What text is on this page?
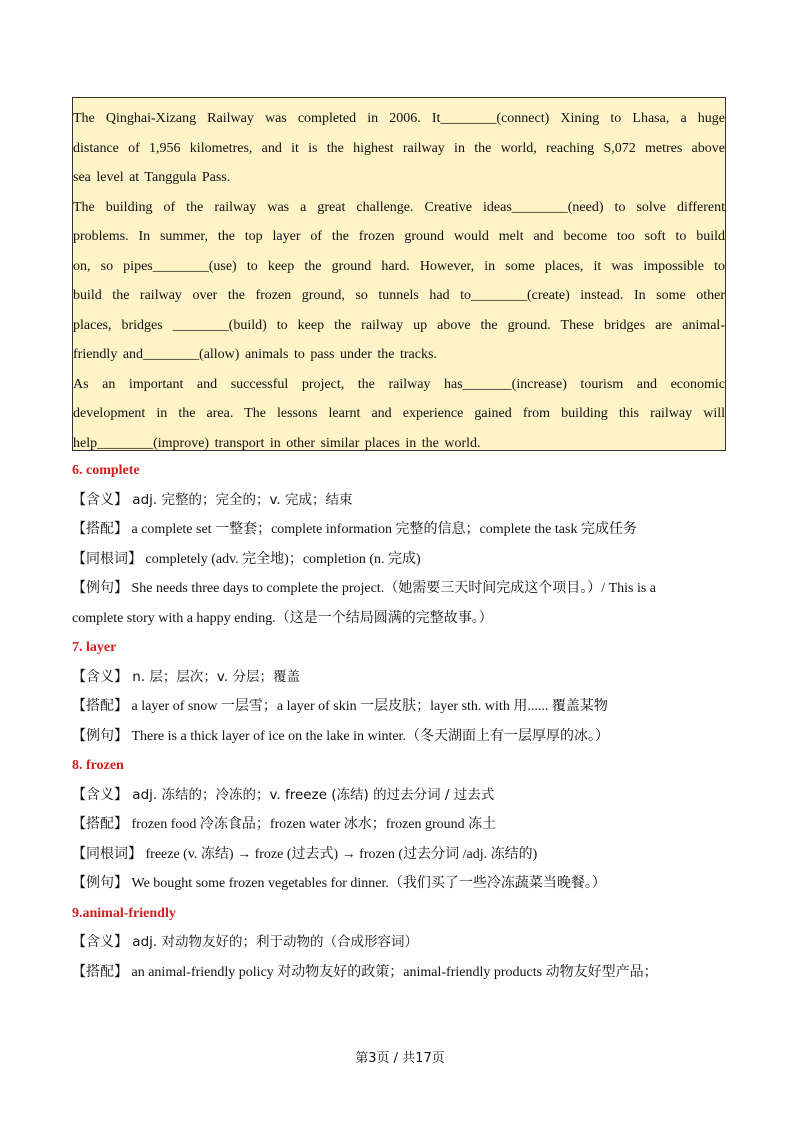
The Qinghai-Xizang Railway was completed in 2006. It________(connect) Xining to Lhasa, a huge

distance of 1,956 kilometres, and it is the highest railway in the world, reaching S,072 metres above

sea level at Tanggula Pass.

The building of the railway was a great challenge. Creative ideas________(need) to solve different

problems. In summer, the top layer of the frozen ground would melt and become too soft to build

on, so pipes________(use) to keep the ground hard. However, in some places, it was impossible to

build the railway over the frozen ground, so tunnels had to________(create) instead. In some other

places, bridges ________(build) to keep the railway up above the ground. These bridges are animal-

friendly and________(allow) animals to pass under the tracks.

As an important and successful project, the railway has_______(increase) tourism and economic

development in the area. The lessons learnt and experience gained from building this railway will

help________(improve) transport in other similar places in the world.

6. complete
【含义】 adj. 完整的；完全的；v. 完成；结束
【搭配】 a complete set 一整套；complete information 完整的信息；complete the task 完成任务
【同根词】 completely (adv. 完全地)；completion (n. 完成)
【例句】 She needs three days to complete the project.（她需要三天时间完成这个项目。）/ This is a
complete story with a happy ending.（这是一个结局圆满的完整故事。）
7. layer
【含义】 n. 层；层次；v. 分层；覆盖
【搭配】 a layer of snow 一层雪；a layer of skin 一层皮肤；layer sth. with 用...... 覆盖某物
【例句】 There is a thick layer of ice on the lake in winter.（冬天湖面上有一层厚厚的冰。）
8. frozen
【含义】 adj. 冻结的；冷冻的；v. freeze (冻结) 的过去分词 / 过去式
【搭配】 frozen food 冷冻食品；frozen water 冰水；frozen ground 冻土
【同根词】 freeze (v. 冻结) → froze (过去式) → frozen (过去分词 /adj. 冻结的)
【例句】 We bought some frozen vegetables for dinner.（我们买了一些冷冻蔬菜当晚餐。）
9.animal-friendly
【含义】 adj. 对动物友好的；利于动物的（合成形容词）
【搭配】 an animal-friendly policy 对动物友好的政策；animal-friendly products 动物友好型产品；
第3页 / 共17页
